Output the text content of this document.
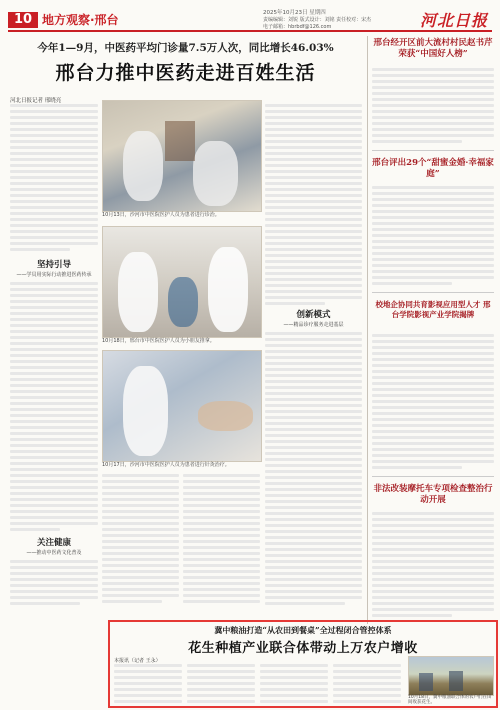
10 地方观察·邢台	2025年10月23日 星期四
责编编辑：刘锐 版式设计：刘铭 责任校对：宋杰
电子邮箱：hbrbdf@126.com	河北日报
今年1—9月，中医药平均门诊量7.5万人次，同比增长46.03%
邢台力推中医药走进百姓生活
河北日报记者 邢晓亮
坚持引导
——学员用实际行动推进医药传承
关注健康
——推动中医药文化普及
10月13日，沙河市中医院医护人员为患者进行诊治。
10月18日，邢台市中医院医护人员为小朋友推拿。
10月17日，沙河市中医院医护人员为患者进行针灸治疗。
创新模式
——精品诊疗服务走进基层
邢台经开区前大流村村民赵书芹荣获“中国好人榜”
邢台评出29个“甜蜜金婚·幸福家庭”
校地企协同共育影视应用型人才 邢台学院影视产业学院揭牌
非法改装摩托车专项检查整治行动开展
冀中粮油打造“从农田到餐桌”全过程闭合管控体系
花生种植产业联合体带动上万农户增收
本报讯（记者 王永）
10月18日，冀中粮油联合体的农户们在田间收获花生。
